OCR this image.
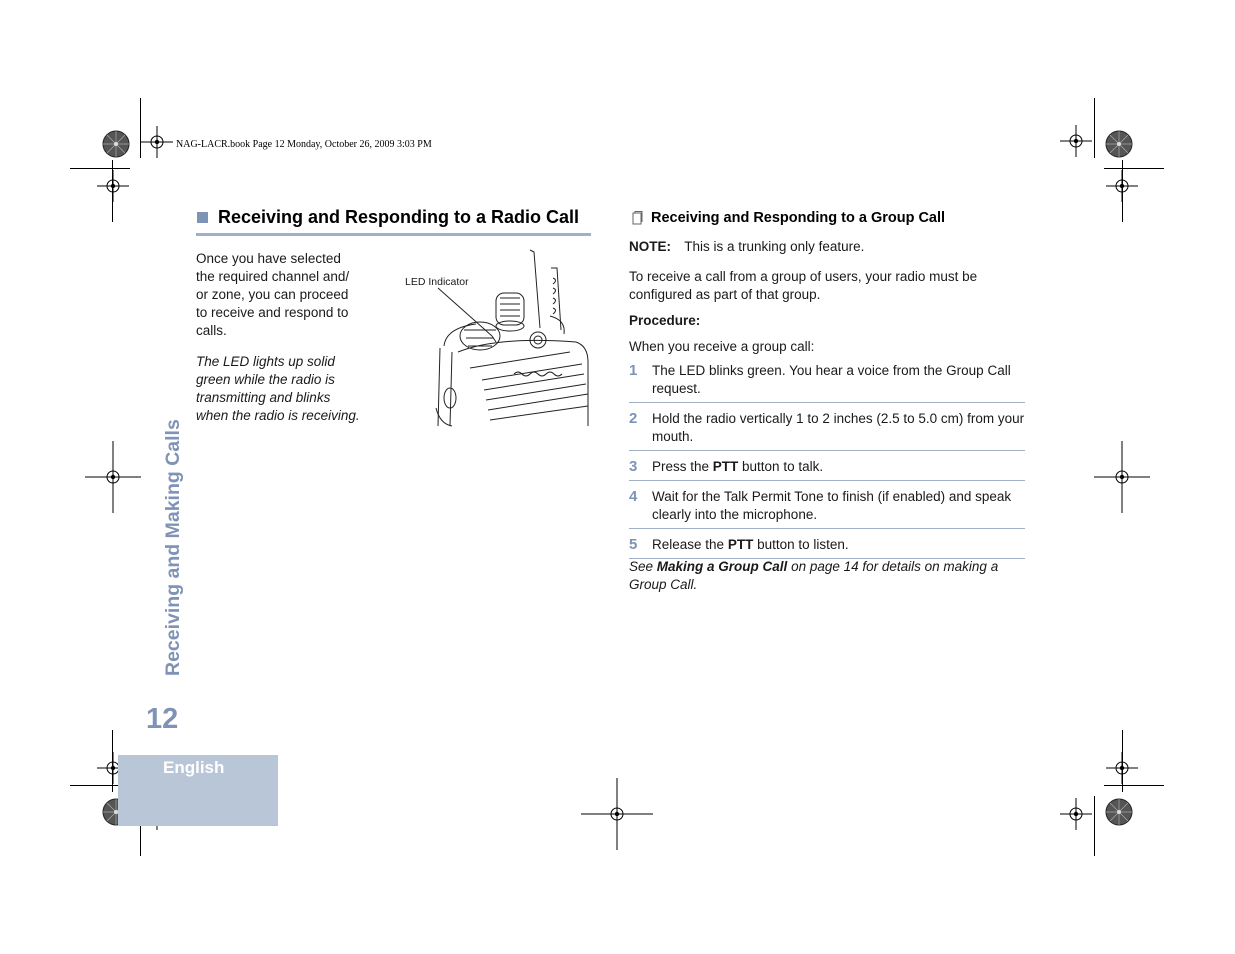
NAG-LACR.book Page 12 Monday, October 26, 2009 3:03 PM
Receiving and Making Calls
12
English
Receiving and Responding to a Radio Call
Once you have selected
the required channel and/
or zone, you can proceed
to receive and respond to
calls.
The LED lights up solid
green while the radio is
transmitting and blinks
when the radio is receiving.
LED Indicator
Receiving and Responding to a Group Call
NOTE: This is a trunking only feature.
To receive a call from a group of users, your radio must be
configured as part of that group.
Procedure:
When you receive a group call:
1	The LED blinks green. You hear a voice from the Group Call request.
2	Hold the radio vertically 1 to 2 inches (2.5 to 5.0 cm) from your mouth.
3	Press the PTT button to talk.
4	Wait for the Talk Permit Tone to finish (if enabled) and speak clearly into the microphone.
5	Release the PTT button to listen.
See Making a Group Call on page 14 for details on making a
Group Call.
